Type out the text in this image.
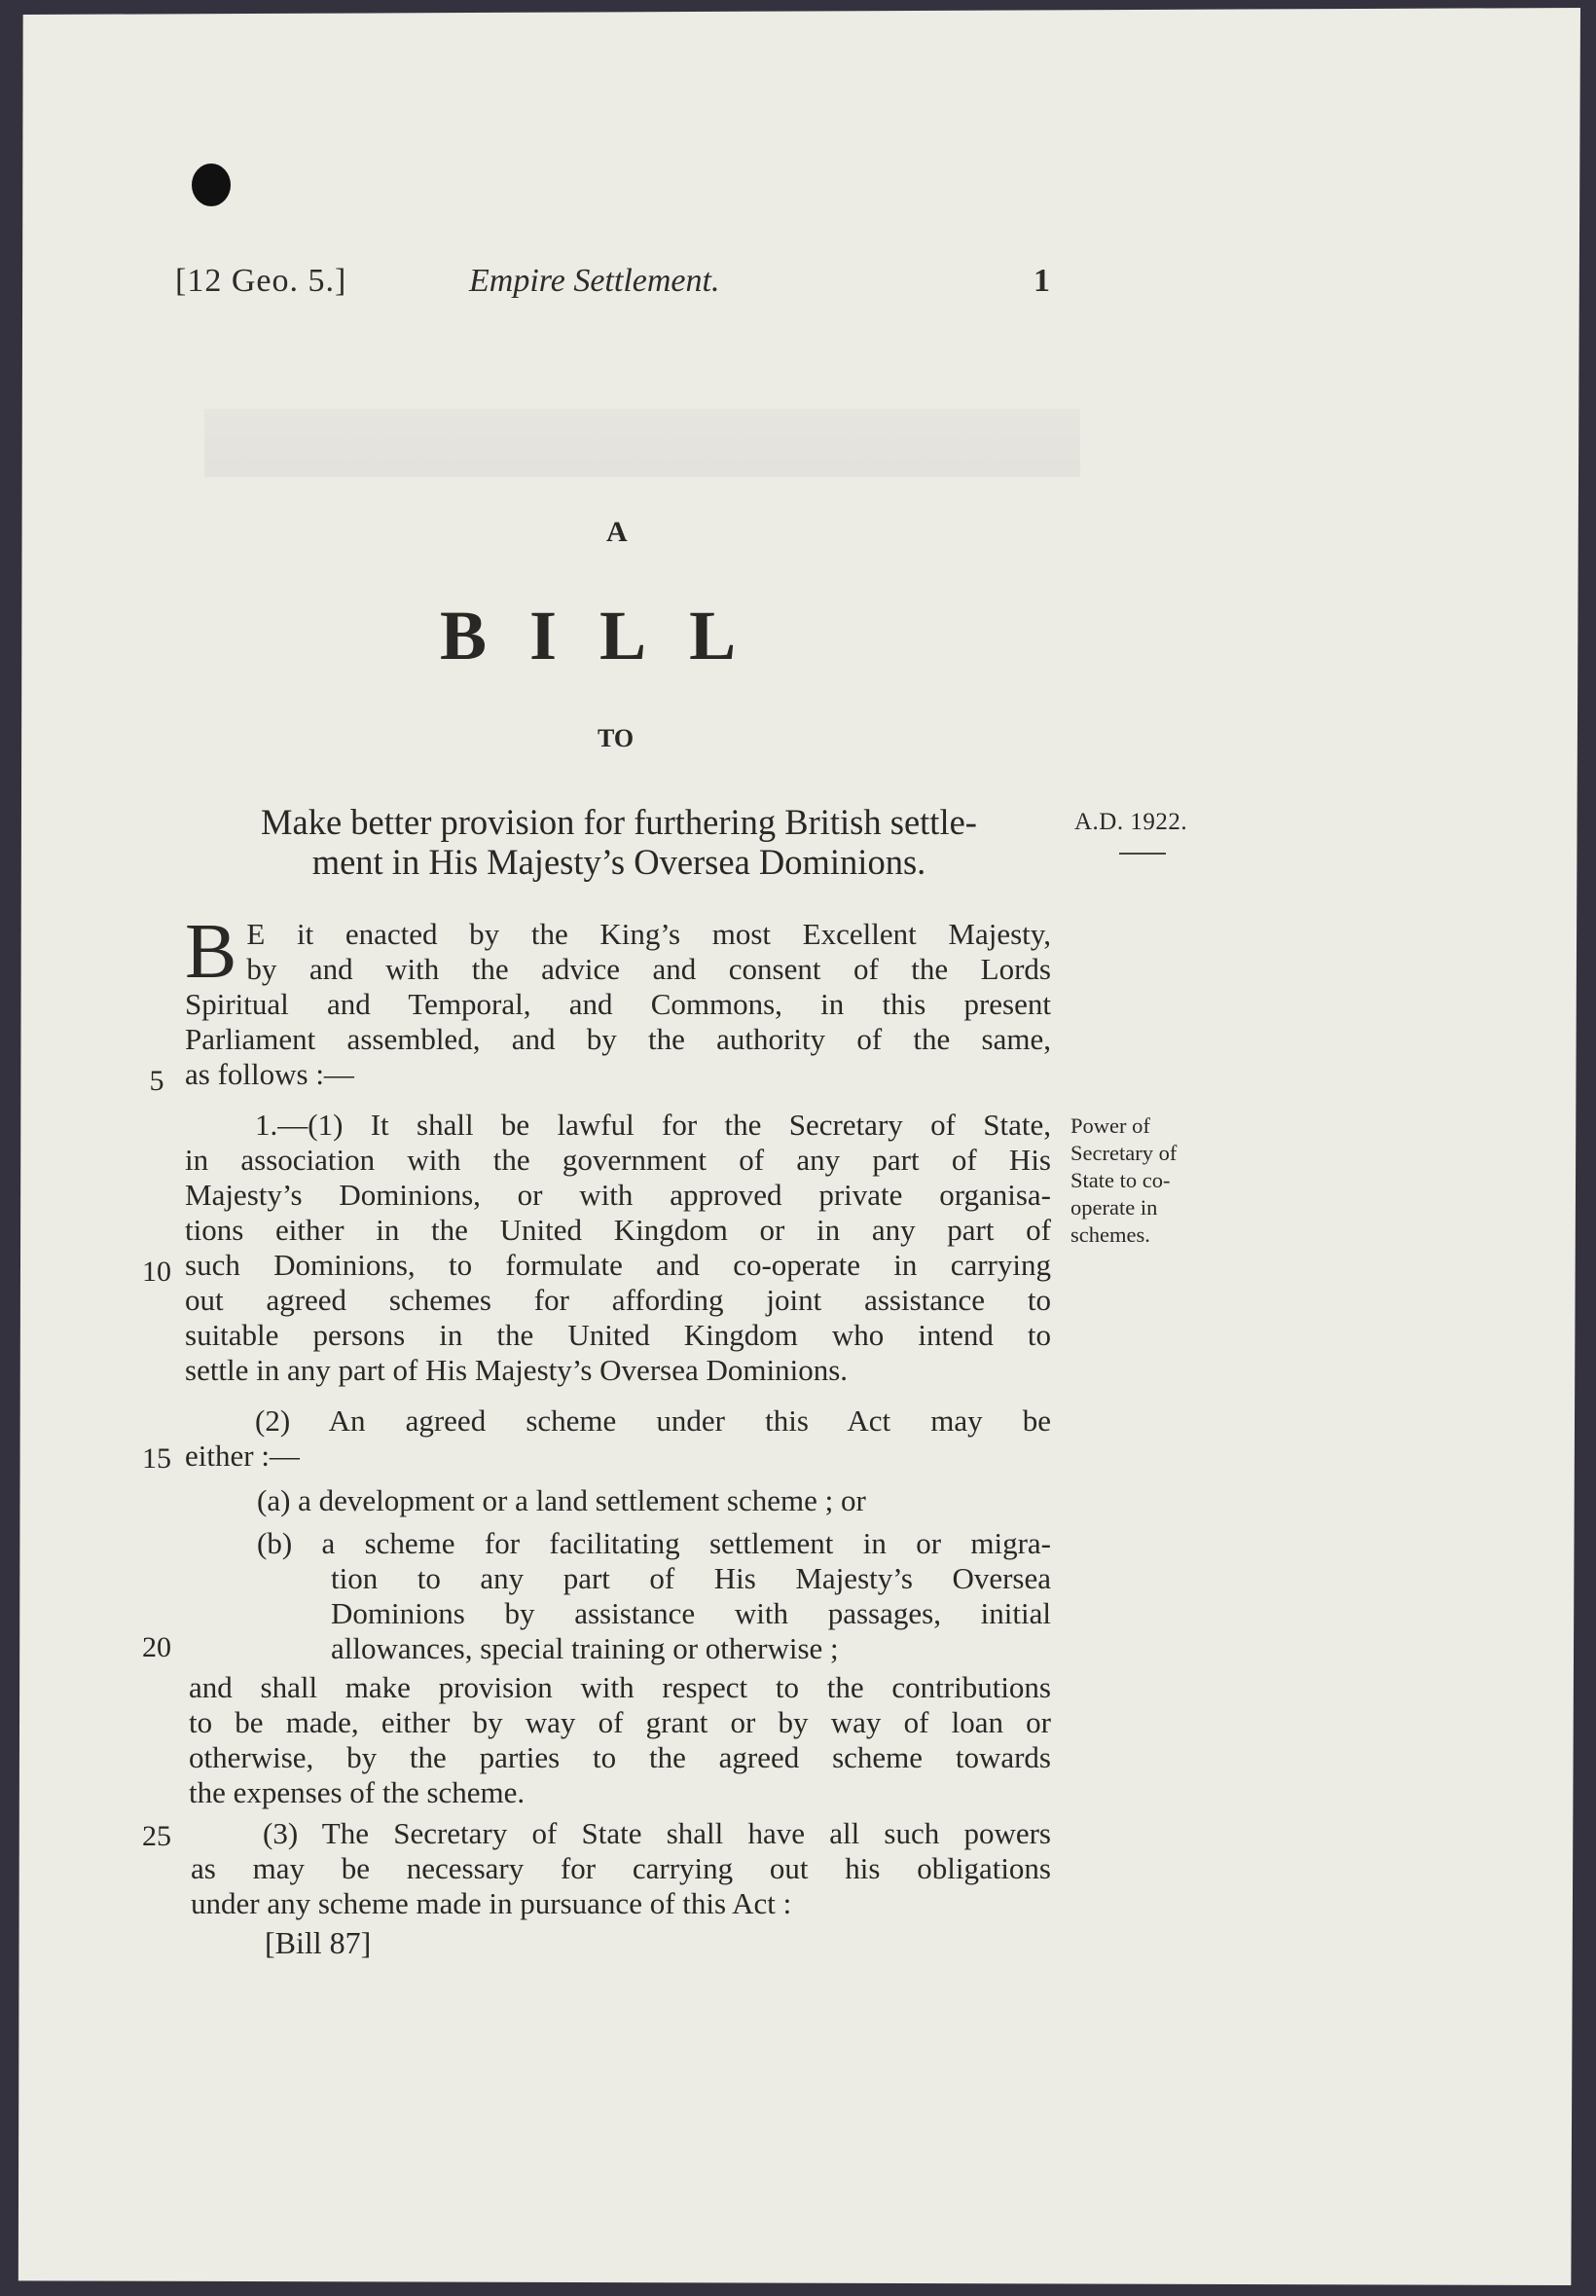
[12 Geo. 5.]	Empire Settlement.	1
A
BILL
TO
Make better provision for furthering British settle-
ment in His Majesty’s Oversea Dominions.
A.D. 1922.
B E it enacted by the King’s most Excellent Majesty,
by and with the advice and consent of the Lords
Spiritual and Temporal, and Commons, in this present
Parliament assembled, and by the authority of the same,
as follows :—
1.—(1) It shall be lawful for the Secretary of State,
in association with the government of any part of His
Majesty’s Dominions, or with approved private organisa-
tions either in the United Kingdom or in any part of
such Dominions, to formulate and co-operate in carrying
out agreed schemes for affording joint assistance to
suitable persons in the United Kingdom who intend to
settle in any part of His Majesty’s Oversea Dominions.
Power of
Secretary of
State to co-
operate in
schemes.
(2) An agreed scheme under this Act may be
either :—
(a) a development or a land settlement scheme ; or
(b) a scheme for facilitating settlement in or migra-
tion to any part of His Majesty’s Oversea
Dominions by assistance with passages, initial
allowances, special training or otherwise ;
and shall make provision with respect to the contributions
to be made, either by way of grant or by way of loan or
otherwise, by the parties to the agreed scheme towards
the expenses of the scheme.
(3) The Secretary of State shall have all such powers
as may be necessary for carrying out his obligations
under any scheme made in pursuance of this Act :
5
10
15
20
25
[Bill 87]
